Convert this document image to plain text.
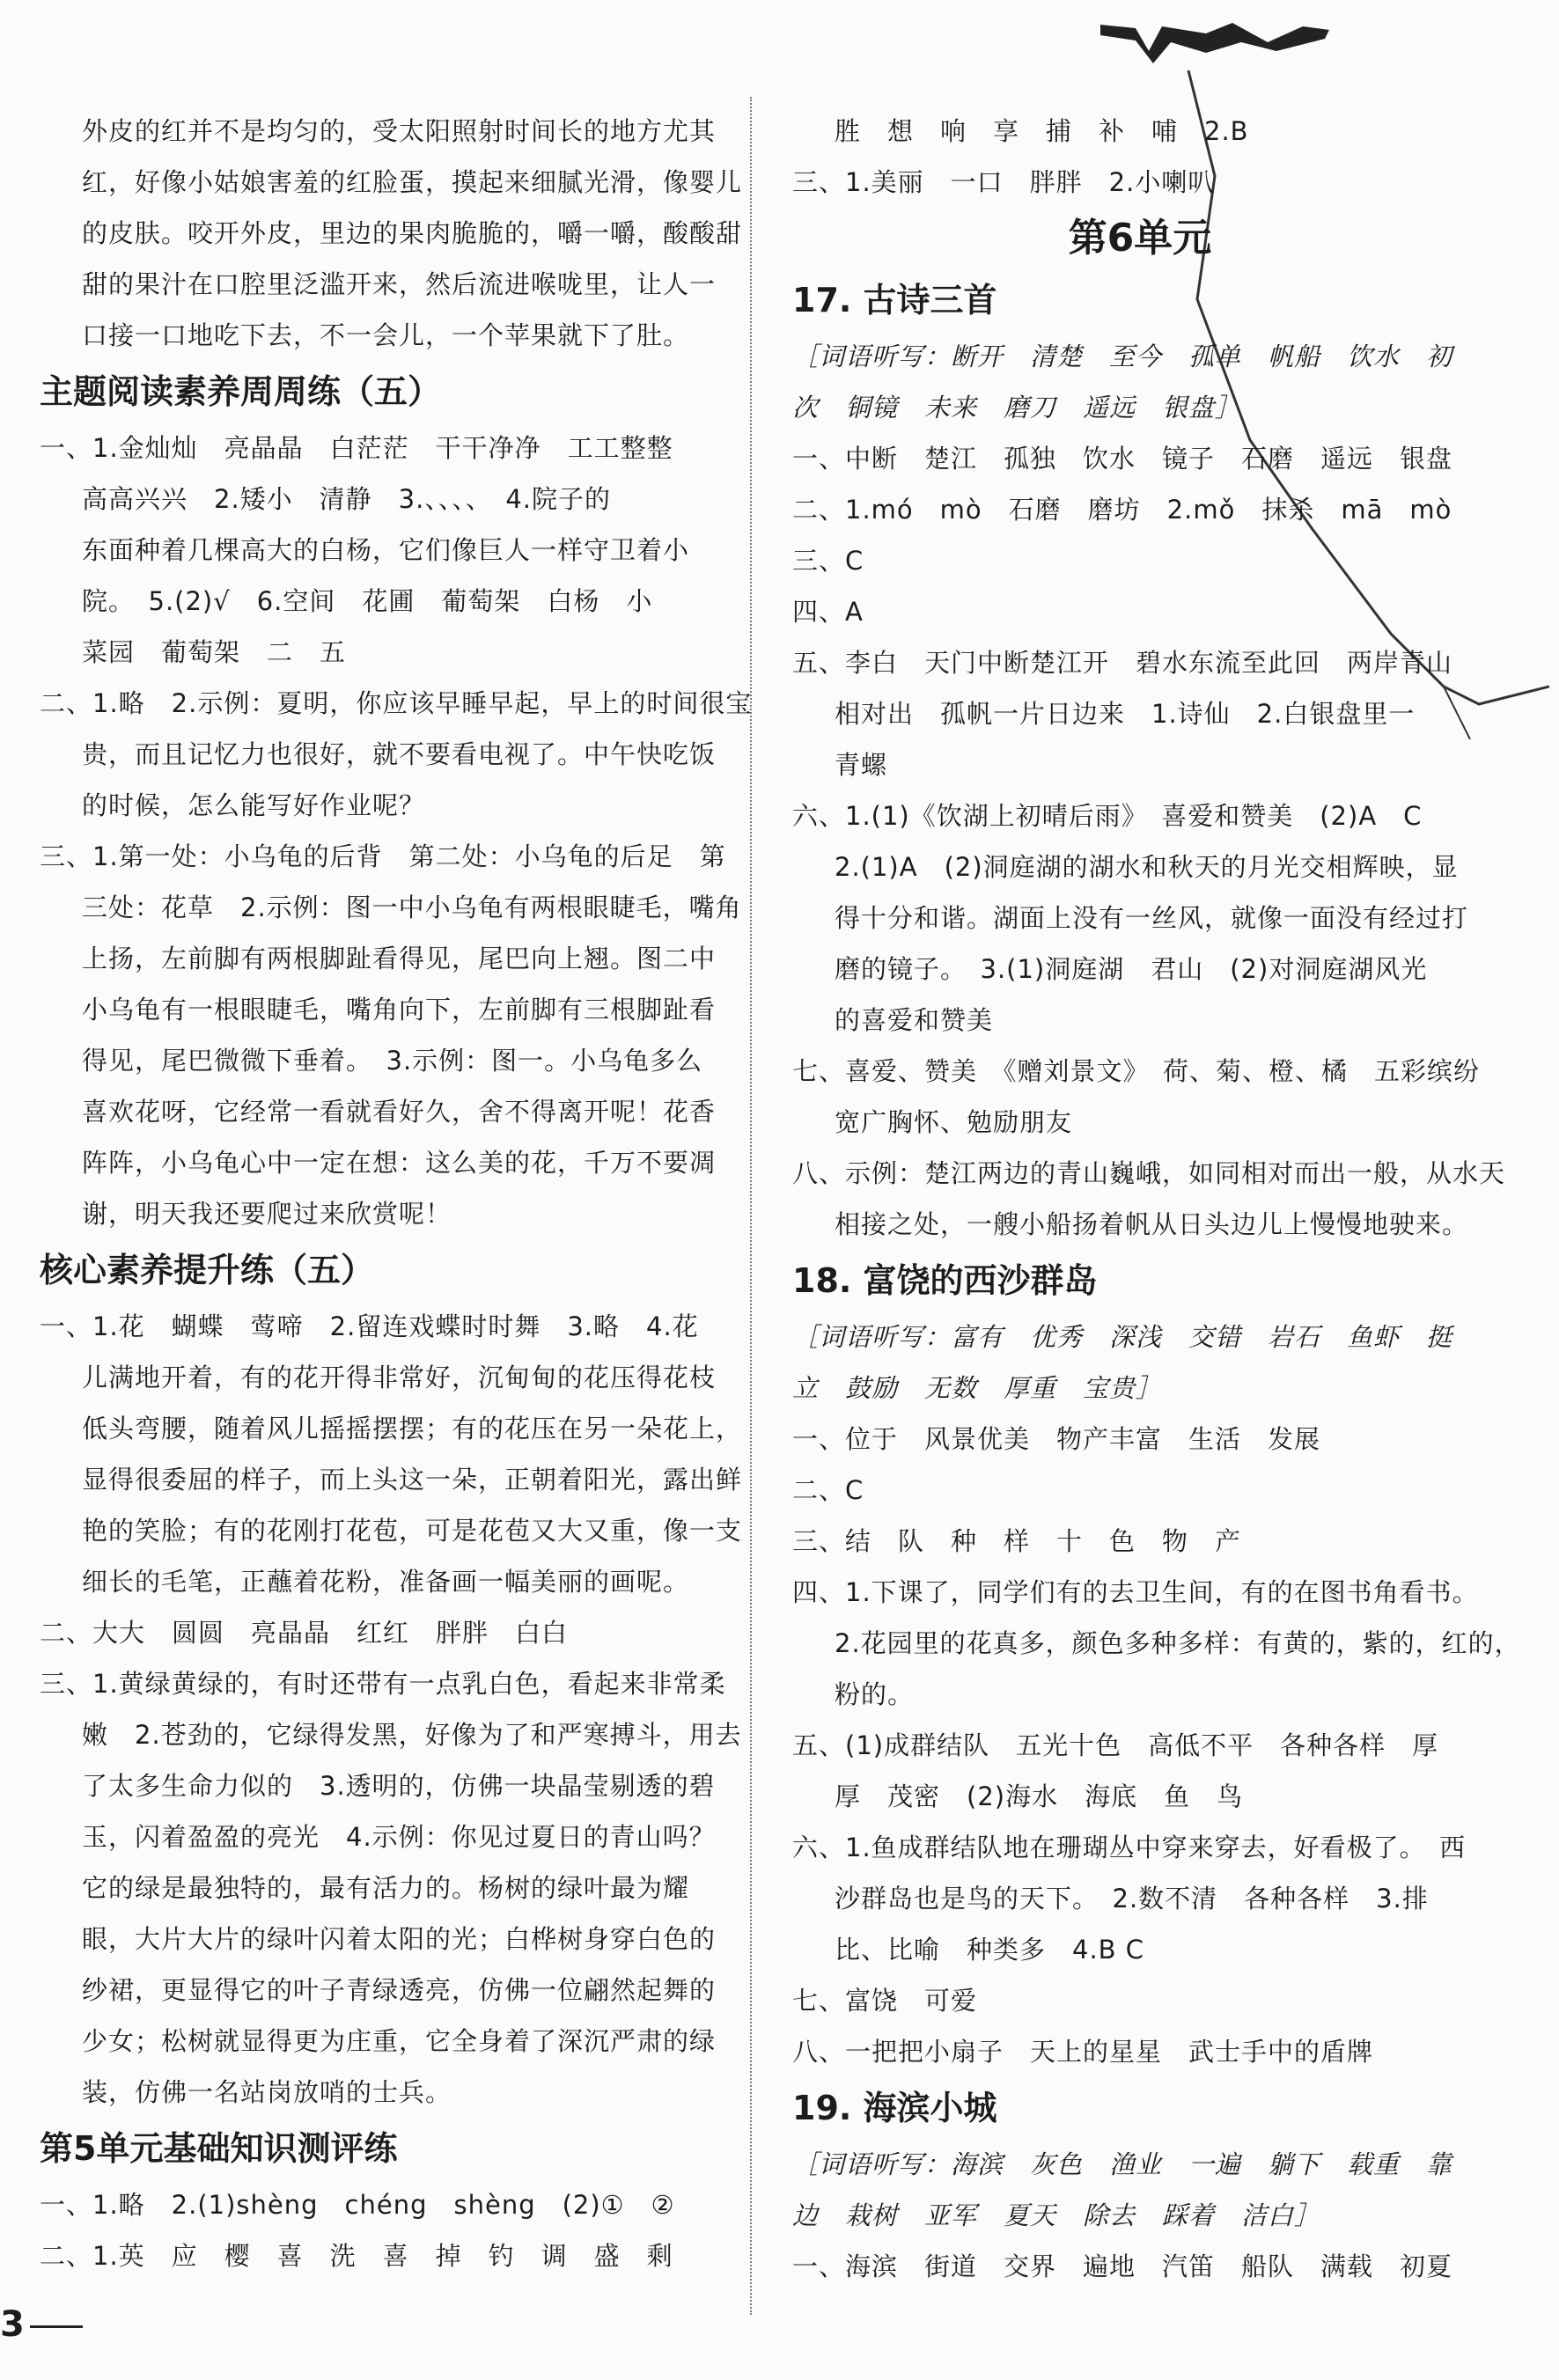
外皮的红并不是均匀的，受太阳照射时间长的地方尤其
红，好像小姑娘害羞的红脸蛋，摸起来细腻光滑，像婴儿
的皮肤。咬开外皮，里边的果肉脆脆的，嚼一嚼，酸酸甜
甜的果汁在口腔里泛滥开来，然后流进喉咙里，让人一
口接一口地吃下去，不一会儿，一个苹果就下了肚。
主题阅读素养周周练（五）
一、1.金灿灿　亮晶晶　白茫茫　干干净净　工工整整
高高兴兴　2.矮小　清静　3.、、、、　4.院子的
东面种着几棵高大的白杨，它们像巨人一样守卫着小
院。　5.(2)√　6.空间　花圃　葡萄架　白杨　小
菜园　葡萄架　二　五
二、1.略　2.示例：夏明，你应该早睡早起，早上的时间很宝
贵，而且记忆力也很好，就不要看电视了。中午快吃饭
的时候，怎么能写好作业呢？
三、1.第一处：小乌龟的后背　第二处：小乌龟的后足　第
三处：花草　2.示例：图一中小乌龟有两根眼睫毛，嘴角
上扬，左前脚有两根脚趾看得见，尾巴向上翘。图二中
小乌龟有一根眼睫毛，嘴角向下，左前脚有三根脚趾看
得见，尾巴微微下垂着。　3.示例：图一。小乌龟多么
喜欢花呀，它经常一看就看好久，舍不得离开呢！花香
阵阵，小乌龟心中一定在想：这么美的花，千万不要凋
谢，明天我还要爬过来欣赏呢！
核心素养提升练（五）
一、1.花　蝴蝶　莺啼　2.留连戏蝶时时舞　3.略　4.花
儿满地开着，有的花开得非常好，沉甸甸的花压得花枝
低头弯腰，随着风儿摇摇摆摆；有的花压在另一朵花上，
显得很委屈的样子，而上头这一朵，正朝着阳光，露出鲜
艳的笑脸；有的花刚打花苞，可是花苞又大又重，像一支
细长的毛笔，正蘸着花粉，准备画一幅美丽的画呢。
二、大大　圆圆　亮晶晶　红红　胖胖　白白
三、1.黄绿黄绿的，有时还带有一点乳白色，看起来非常柔
嫩　2.苍劲的，它绿得发黑，好像为了和严寒搏斗，用去
了太多生命力似的　3.透明的，仿佛一块晶莹剔透的碧
玉，闪着盈盈的亮光　4.示例：你见过夏日的青山吗？
它的绿是最独特的，最有活力的。杨树的绿叶最为耀
眼，大片大片的绿叶闪着太阳的光；白桦树身穿白色的
纱裙，更显得它的叶子青绿透亮，仿佛一位翩然起舞的
少女；松树就显得更为庄重，它全身着了深沉严肃的绿
装，仿佛一名站岗放哨的士兵。
第5单元基础知识测评练
一、1.略　2.(1)shèng　chéng　shèng　(2)①　②
二、1.英　应　樱　喜　洗　喜　掉　钓　调　盛　剩
胜　想　响　享　捕　补　哺　2.B
三、1.美丽　一口　胖胖　2.小喇叭
第6单元
17. 古诗三首
［词语听写：断开　清楚　至今　孤单　帆船　饮水　初
次　铜镜　未来　磨刀　遥远　银盘］
一、中断　楚江　孤独　饮水　镜子　石磨　遥远　银盘
二、1.mó　mò　石磨　磨坊　2.mǒ　抹杀　mā　mò
三、C
四、A
五、李白　天门中断楚江开　碧水东流至此回　两岸青山
相对出　孤帆一片日边来　1.诗仙　2.白银盘里一
青螺
六、1.(1)《饮湖上初晴后雨》　喜爱和赞美　(2)A　C
2.(1)A　(2)洞庭湖的湖水和秋天的月光交相辉映，显
得十分和谐。湖面上没有一丝风，就像一面没有经过打
磨的镜子。　3.(1)洞庭湖　君山　(2)对洞庭湖风光
的喜爱和赞美
七、喜爱、赞美　《赠刘景文》　荷、菊、橙、橘　五彩缤纷
宽广胸怀、勉励朋友
八、示例：楚江两边的青山巍峨，如同相对而出一般，从水天
相接之处，一艘小船扬着帆从日头边儿上慢慢地驶来。
18. 富饶的西沙群岛
［词语听写：富有　优秀　深浅　交错　岩石　鱼虾　挺
立　鼓励　无数　厚重　宝贵］
一、位于　风景优美　物产丰富　生活　发展
二、C
三、结　队　种　样　十　色　物　产
四、1.下课了，同学们有的去卫生间，有的在图书角看书。
2.花园里的花真多，颜色多种多样：有黄的，紫的，红的，
粉的。
五、(1)成群结队　五光十色　高低不平　各种各样　厚
厚　茂密　(2)海水　海底　鱼　鸟
六、1.鱼成群结队地在珊瑚丛中穿来穿去，好看极了。　西
沙群岛也是鸟的天下。　2.数不清　各种各样　3.排
比、比喻　种类多　4.B C
七、富饶　可爱
八、一把把小扇子　天上的星星　武士手中的盾牌
19. 海滨小城
［词语听写：海滨　灰色　渔业　一遍　躺下　载重　靠
边　栽树　亚军　夏天　除去　踩着　洁白］
一、海滨　街道　交界　遍地　汽笛　船队　满载　初夏
3
